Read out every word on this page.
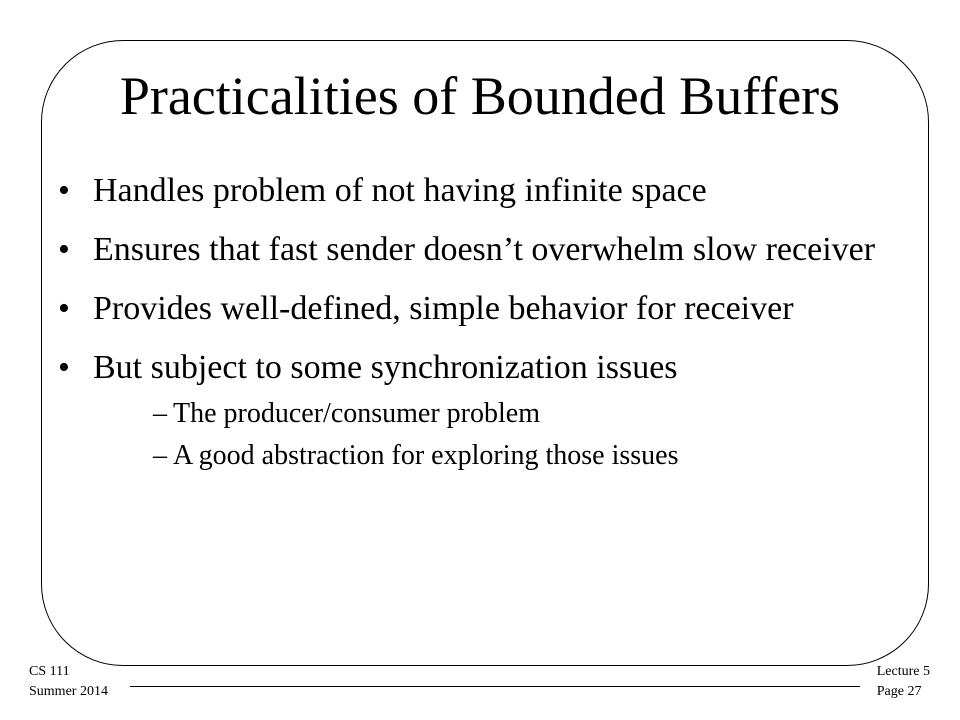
Practicalities of Bounded Buffers
• Handles problem of not having infinite space
• Ensures that fast sender doesn’t overwhelm slow receiver
• Provides well-defined, simple behavior for receiver
• But subject to some synchronization issues
– The producer/consumer problem
– A good abstraction for exploring those issues
CS 111
Summer 2014
Lecture 5
Page 27
